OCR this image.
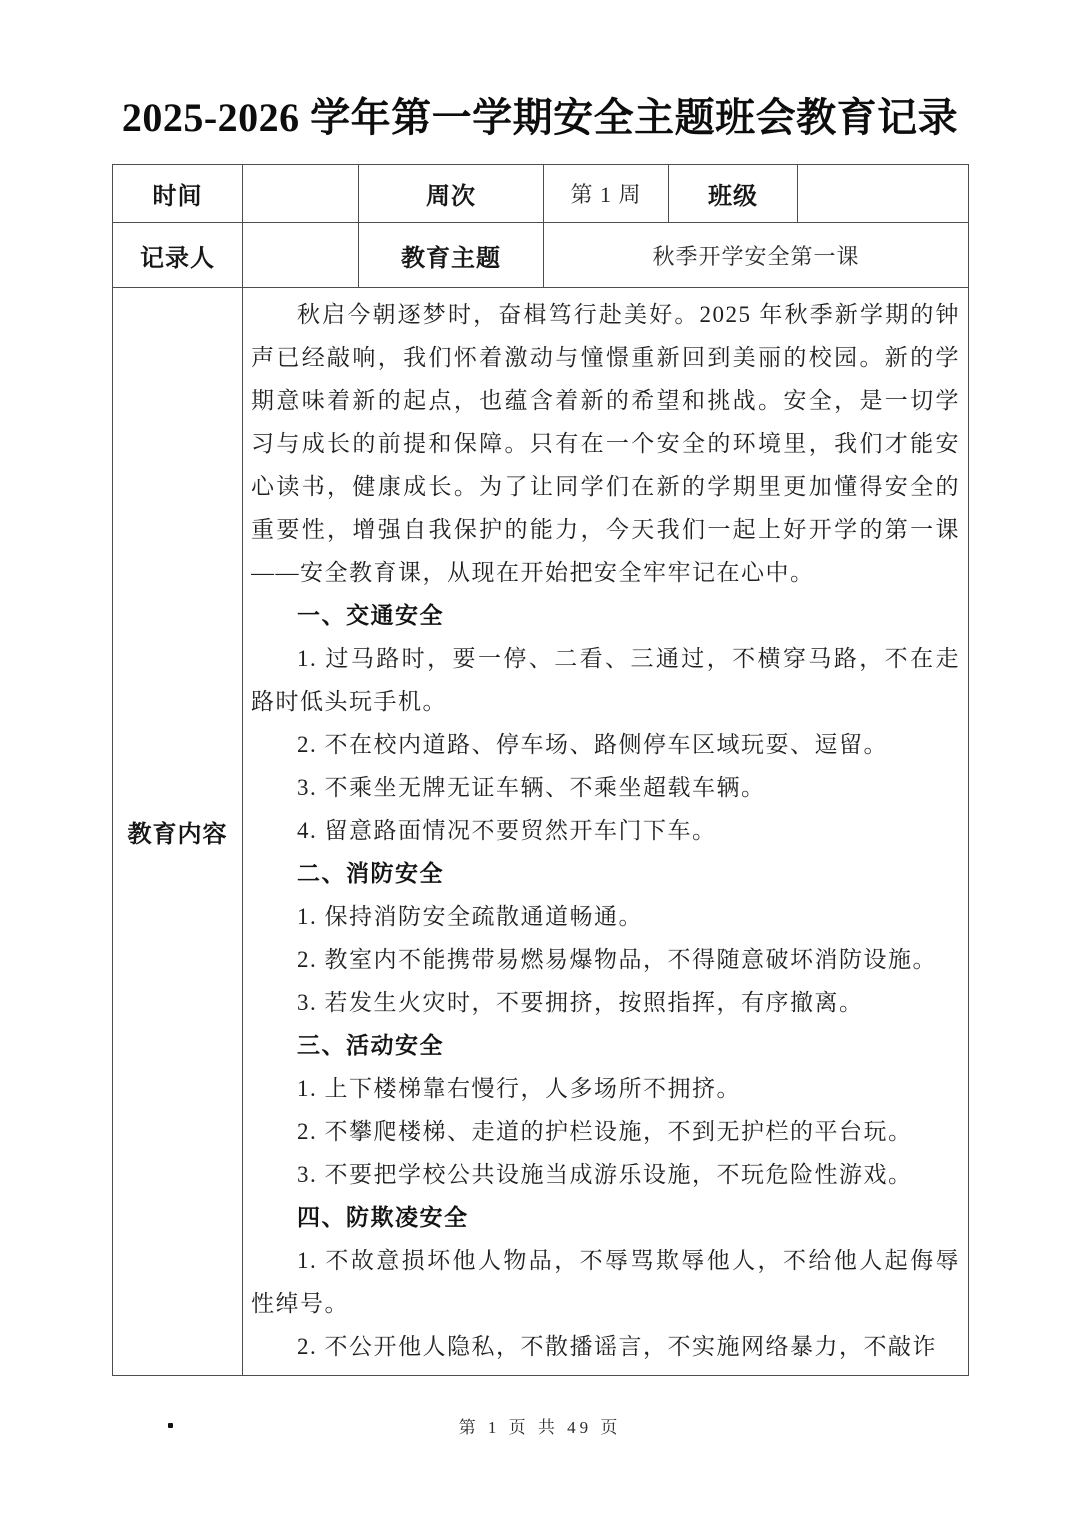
2025-2026 学年第一学期安全主题班会教育记录
时间		周次	第 1 周	班级	
记录人		教育主题	秋季开学安全第一课		
教育内容	

秋启今朝逐梦时，奋楫笃行赴美好。2025 年秋季新学期的钟声已经敲响，我们怀着激动与憧憬重新回到美丽的校园。新的学期意味着新的起点，也蕴含着新的希望和挑战。安全，是一切学习与成长的前提和保障。只有在一个安全的环境里，我们才能安心读书，健康成长。为了让同学们在新的学期里更加懂得安全的重要性，增强自我保护的能力，今天我们一起上好开学的第一课——安全教育课，从现在开始把安全牢牢记在心中。

一、交通安全

1. 过马路时，要一停、二看、三通过，不横穿马路，不在走路时低头玩手机。

2. 不在校内道路、停车场、路侧停车区域玩耍、逗留。

3. 不乘坐无牌无证车辆、不乘坐超载车辆。

4. 留意路面情况不要贸然开车门下车。

二、消防安全

1. 保持消防安全疏散通道畅通。

2. 教室内不能携带易燃易爆物品，不得随意破坏消防设施。

3. 若发生火灾时，不要拥挤，按照指挥，有序撤离。

三、活动安全

1. 上下楼梯靠右慢行，人多场所不拥挤。

2. 不攀爬楼梯、走道的护栏设施，不到无护栏的平台玩。

3. 不要把学校公共设施当成游乐设施，不玩危险性游戏。

四、防欺凌安全

1. 不故意损坏他人物品，不辱骂欺辱他人，不给他人起侮辱性绰号。

2. 不公开他人隐私，不散播谣言，不实施网络暴力，不敲诈

第 1 页 共 49 页
